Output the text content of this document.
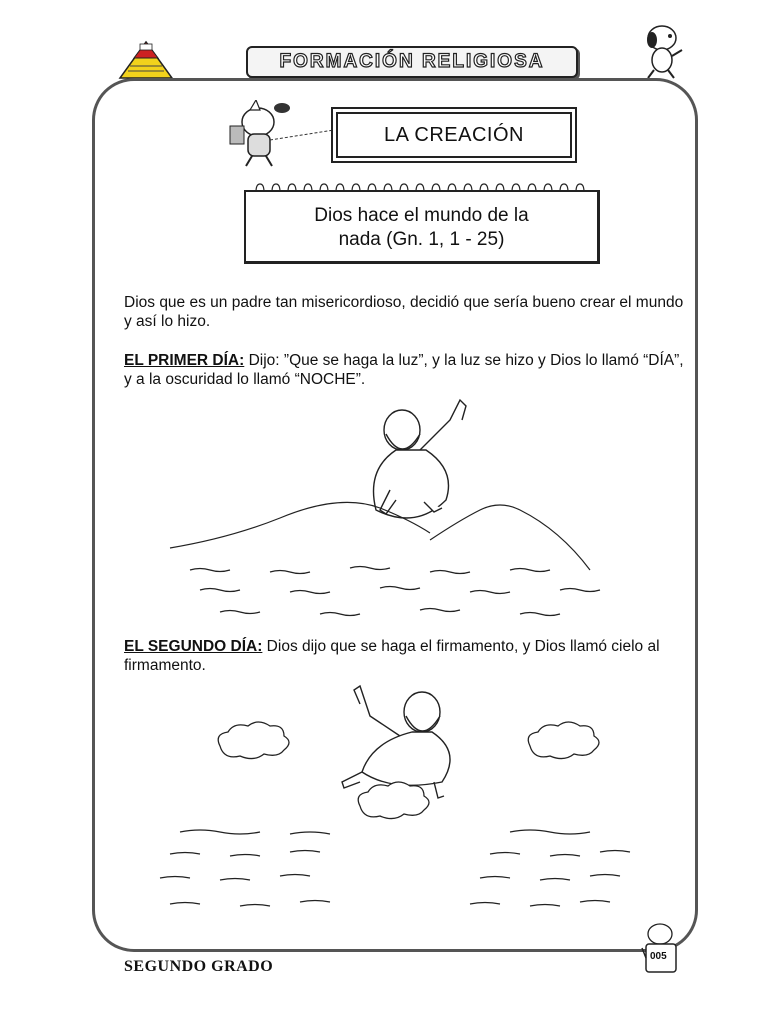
FORMACIÓN RELIGIOSA
LA CREACIÓN
Dios hace el mundo de la
nada (Gn. 1, 1 - 25)
Dios que es un padre tan misericordioso, decidió que sería bueno crear el mundo y así lo hizo.
EL PRIMER DÍA: Dijo: ”Que se haga la luz”, y la luz se hizo y Dios lo llamó “DÍA”, y a la oscuridad lo llamó “NOCHE”.
EL SEGUNDO DÍA: Dios dijo que se haga el firmamento, y Dios llamó cielo al firmamento.
005
SEGUNDO GRADO
